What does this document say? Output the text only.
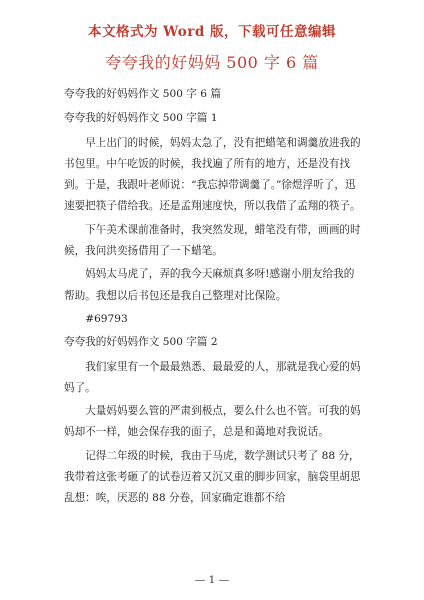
本文格式为 Word 版，下载可任意编辑
夸夸我的好妈妈 500 字 6 篇
夸夸我的好妈妈作文 500 字 6 篇
夸夸我的好妈妈作文 500 字篇 1
早上出门的时候，妈妈太急了，没有把蜡笔和调羹放进我的书包里。中午吃饭的时候，我找遍了所有的地方，还是没有找到。于是，我跟叶老师说：“我忘掉带调羹了。”徐煜浮听了，迅速要把筷子借给我。还是孟翔速度快，所以我借了孟翔的筷子。
下午美术课前准备时，我突然发现，蜡笔没有带，画画的时候，我问洪奕扬借用了一下蜡笔。
妈妈太马虎了，弄的我今天麻烦真多呀!感谢小朋友给我的帮助。我想以后书包还是我自己整理对比保险。
#69793
夸夸我的好妈妈作文 500 字篇 2
我们家里有一个最最熟悉、最最爱的人，那就是我心爱的妈妈了。
大量妈妈要么管的严肃到极点，要么什么也不管。可我的妈妈却不一样，她会保存我的面子，总是和蔼地对我说话。
记得二年级的时候，我由于马虎，数学测试只考了 88 分，我带着这张考砸了的试卷迈着又沉又重的脚步回家，脑袋里胡思乱想：唉，厌恶的 88 分卷，回家确定谁都不给
— 1 —
